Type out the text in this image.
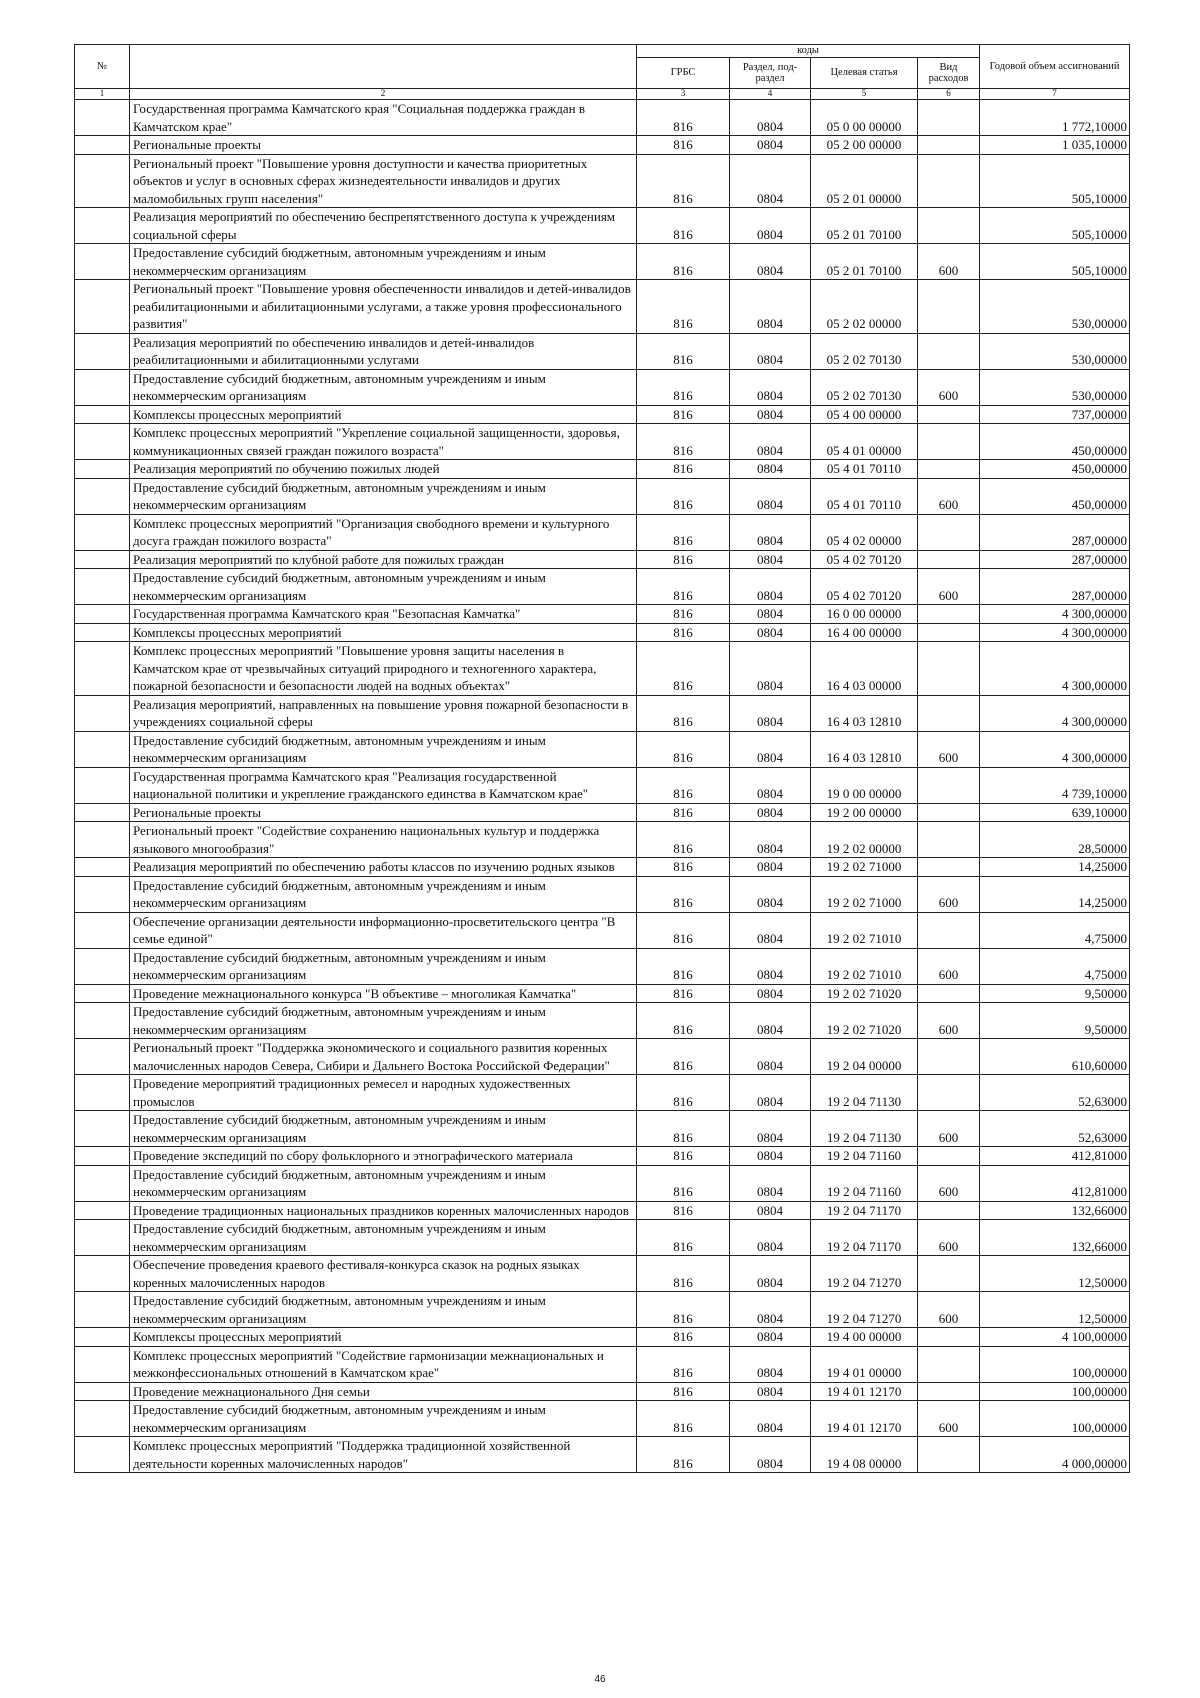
№		коды				Годовой объем ассигнований
		ГРБС	Раздел, под-раздел	Целевая статья	Вид расходов	
1	2	3	4	5	6	7
	Государственная программа Камчатского края "Социальная поддержка граждан в Камчатском крае"	816	0804	05 0 00 00000		1 772,10000
	Региональные проекты	816	0804	05 2 00 00000		1 035,10000
	Региональный проект "Повышение уровня доступности и качества приоритетных объектов и услуг в основных сферах жизнедеятельности инвалидов и других маломобильных групп населения"	816	0804	05 2 01 00000		505,10000
	Реализация мероприятий по обеспечению беспрепятственного доступа к учреждениям социальной сферы	816	0804	05 2 01 70100		505,10000
	Предоставление субсидий бюджетным, автономным учреждениям и иным некоммерческим организациям	816	0804	05 2 01 70100	600	505,10000
	Региональный проект "Повышение уровня обеспеченности инвалидов и детей-инвалидов реабилитационными и абилитационными услугами, а также уровня профессионального развития"	816	0804	05 2 02 00000		530,00000
	Реализация мероприятий по обеспечению инвалидов и детей-инвалидов реабилитационными и абилитационными услугами	816	0804	05 2 02 70130		530,00000
	Предоставление субсидий бюджетным, автономным учреждениям и иным некоммерческим организациям	816	0804	05 2 02 70130	600	530,00000
	Комплексы процессных мероприятий	816	0804	05 4 00 00000		737,00000
	Комплекс процессных мероприятий "Укрепление социальной защищенности, здоровья, коммуникационных связей граждан пожилого возраста"	816	0804	05 4 01 00000		450,00000
	Реализация мероприятий по обучению пожилых людей	816	0804	05 4 01 70110		450,00000
	Предоставление субсидий бюджетным, автономным учреждениям и иным некоммерческим организациям	816	0804	05 4 01 70110	600	450,00000
	Комплекс процессных мероприятий "Организация свободного времени и культурного досуга граждан пожилого возраста"	816	0804	05 4 02 00000		287,00000
	Реализация мероприятий по клубной работе для пожилых граждан	816	0804	05 4 02 70120		287,00000
	Предоставление субсидий бюджетным, автономным учреждениям и иным некоммерческим организациям	816	0804	05 4 02 70120	600	287,00000
	Государственная программа Камчатского края "Безопасная Камчатка"	816	0804	16 0 00 00000		4 300,00000
	Комплексы процессных мероприятий	816	0804	16 4 00 00000		4 300,00000
	Комплекс процессных мероприятий "Повышение уровня защиты населения в Камчатском крае от чрезвычайных ситуаций природного и техногенного характера, пожарной безопасности и безопасности людей на водных объектах"	816	0804	16 4 03 00000		4 300,00000
	Реализация мероприятий, направленных на повышение уровня пожарной безопасности в учреждениях социальной сферы	816	0804	16 4 03 12810		4 300,00000
	Предоставление субсидий бюджетным, автономным учреждениям и иным некоммерческим организациям	816	0804	16 4 03 12810	600	4 300,00000
	Государственная программа Камчатского края "Реализация государственной национальной политики и укрепление гражданского единства в Камчатском крае"	816	0804	19 0 00 00000		4 739,10000
	Региональные проекты	816	0804	19 2 00 00000		639,10000
	Региональный проект "Содействие сохранению национальных культур и поддержка языкового многообразия"	816	0804	19 2 02 00000		28,50000
	Реализация мероприятий по обеспечению работы классов по изучению родных языков	816	0804	19 2 02 71000		14,25000
	Предоставление субсидий бюджетным, автономным учреждениям и иным некоммерческим организациям	816	0804	19 2 02 71000	600	14,25000
	Обеспечение организации деятельности информационно-просветительского центра "В семье единой"	816	0804	19 2 02 71010		4,75000
	Предоставление субсидий бюджетным, автономным учреждениям и иным некоммерческим организациям	816	0804	19 2 02 71010	600	4,75000
	Проведение межнационального конкурса "В объективе – многоликая Камчатка"	816	0804	19 2 02 71020		9,50000
	Предоставление субсидий бюджетным, автономным учреждениям и иным некоммерческим организациям	816	0804	19 2 02 71020	600	9,50000
	Региональный проект "Поддержка экономического и социального развития коренных малочисленных народов Севера, Сибири и Дальнего Востока Российской Федерации"	816	0804	19 2 04 00000		610,60000
	Проведение мероприятий традиционных ремесел и народных художественных промыслов	816	0804	19 2 04 71130		52,63000
	Предоставление субсидий бюджетным, автономным учреждениям и иным некоммерческим организациям	816	0804	19 2 04 71130	600	52,63000
	Проведение экспедиций по сбору фольклорного и этнографического материала	816	0804	19 2 04 71160		412,81000
	Предоставление субсидий бюджетным, автономным учреждениям и иным некоммерческим организациям	816	0804	19 2 04 71160	600	412,81000
	Проведение традиционных национальных праздников коренных малочисленных народов	816	0804	19 2 04 71170		132,66000
	Предоставление субсидий бюджетным, автономным учреждениям и иным некоммерческим организациям	816	0804	19 2 04 71170	600	132,66000
	Обеспечение проведения краевого фестиваля-конкурса сказок на родных языках коренных малочисленных народов	816	0804	19 2 04 71270		12,50000
	Предоставление субсидий бюджетным, автономным учреждениям и иным некоммерческим организациям	816	0804	19 2 04 71270	600	12,50000
	Комплексы процессных мероприятий	816	0804	19 4 00 00000		4 100,00000
	Комплекс процессных мероприятий "Содействие гармонизации межнациональных и межконфессиональных отношений в Камчатском крае"	816	0804	19 4 01 00000		100,00000
	Проведение межнационального Дня семьи	816	0804	19 4 01 12170		100,00000
	Предоставление субсидий бюджетным, автономным учреждениям и иным некоммерческим организациям	816	0804	19 4 01 12170	600	100,00000
	Комплекс процессных мероприятий "Поддержка традиционной хозяйственной деятельности коренных малочисленных народов"	816	0804	19 4 08 00000		4 000,00000
46
